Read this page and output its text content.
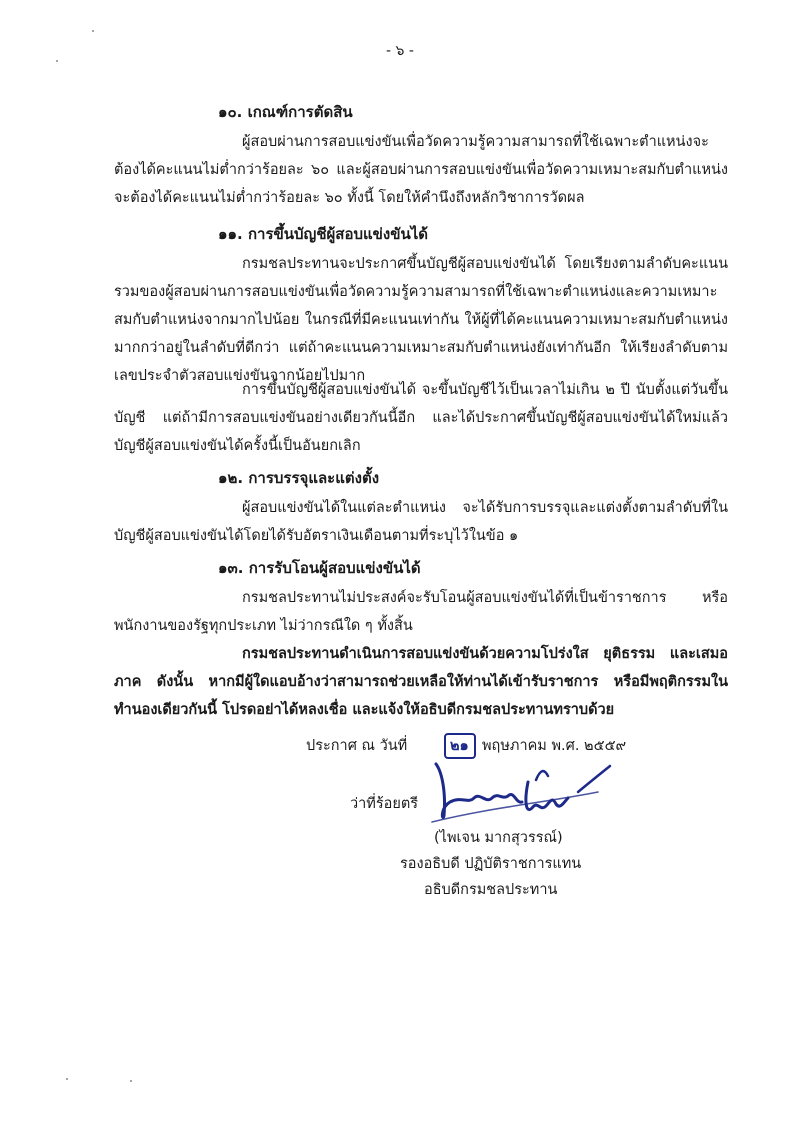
- ๖ -
๑๐. เกณฑ์การตัดสิน

ผู้สอบผ่านการสอบแข่งขันเพื่อวัดความรู้ความสามารถที่ใช้เฉพาะตำแหน่งจะต้องได้คะแนนไม่ต่ำกว่าร้อยละ ๖๐ และผู้สอบผ่านการสอบแข่งขันเพื่อวัดความเหมาะสมกับตำแหน่งจะต้องได้คะแนนไม่ต่ำกว่าร้อยละ ๖๐ ทั้งนี้ โดยให้คำนึงถึงหลักวิชาการวัดผล

๑๑. การขึ้นบัญชีผู้สอบแข่งขันได้

กรมชลประทานจะประกาศขึ้นบัญชีผู้สอบแข่งขันได้ โดยเรียงตามลำดับคะแนนรวมของผู้สอบผ่านการสอบแข่งขันเพื่อวัดความรู้ความสามารถที่ใช้เฉพาะตำแหน่งและความเหมาะสมกับตำแหน่งจากมากไปน้อย ในกรณีที่มีคะแนนเท่ากัน ให้ผู้ที่ได้คะแนนความเหมาะสมกับตำแหน่งมากกว่าอยู่ในลำดับที่ดีกว่า แต่ถ้าคะแนนความเหมาะสมกับตำแหน่งยังเท่ากันอีก ให้เรียงลำดับตามเลขประจำตัวสอบแข่งขันจากน้อยไปมาก

การขึ้นบัญชีผู้สอบแข่งขันได้ จะขึ้นบัญชีไว้เป็นเวลาไม่เกิน ๒ ปี นับตั้งแต่วันขึ้นบัญชี แต่ถ้ามีการสอบแข่งขันอย่างเดียวกันนี้อีก และได้ประกาศขึ้นบัญชีผู้สอบแข่งขันได้ใหม่แล้ว บัญชีผู้สอบแข่งขันได้ครั้งนี้เป็นอันยกเลิก

๑๒. การบรรจุและแต่งตั้ง

ผู้สอบแข่งขันได้ในแต่ละตำแหน่ง จะได้รับการบรรจุและแต่งตั้งตามลำดับที่ในบัญชีผู้สอบแข่งขันได้โดยได้รับอัตราเงินเดือนตามที่ระบุไว้ในข้อ ๑

๑๓. การรับโอนผู้สอบแข่งขันได้

กรมชลประทานไม่ประสงค์จะรับโอนผู้สอบแข่งขันได้ที่เป็นข้าราชการ หรือพนักงานของรัฐทุกประเภท ไม่ว่ากรณีใด ๆ ทั้งสิ้น

กรมชลประทานดำเนินการสอบแข่งขันด้วยความโปร่งใส ยุติธรรม และเสมอภาค ดังนั้น หากมีผู้ใดแอบอ้างว่าสามารถช่วยเหลือให้ท่านได้เข้ารับราชการ หรือมีพฤติกรรมในทำนองเดียวกันนี้ โปรดอย่าได้หลงเชื่อ และแจ้งให้อธิบดีกรมชลประทานทราบด้วย

ประกาศ ณ วันที่	๒๑ พฤษภาคม พ.ศ. ๒๕๕๙
ว่าที่ร้อยตรี
(ไพเจน มากสุวรรณ์)
รองอธิบดี ปฏิบัติราชการแทน
อธิบดีกรมชลประทาน
